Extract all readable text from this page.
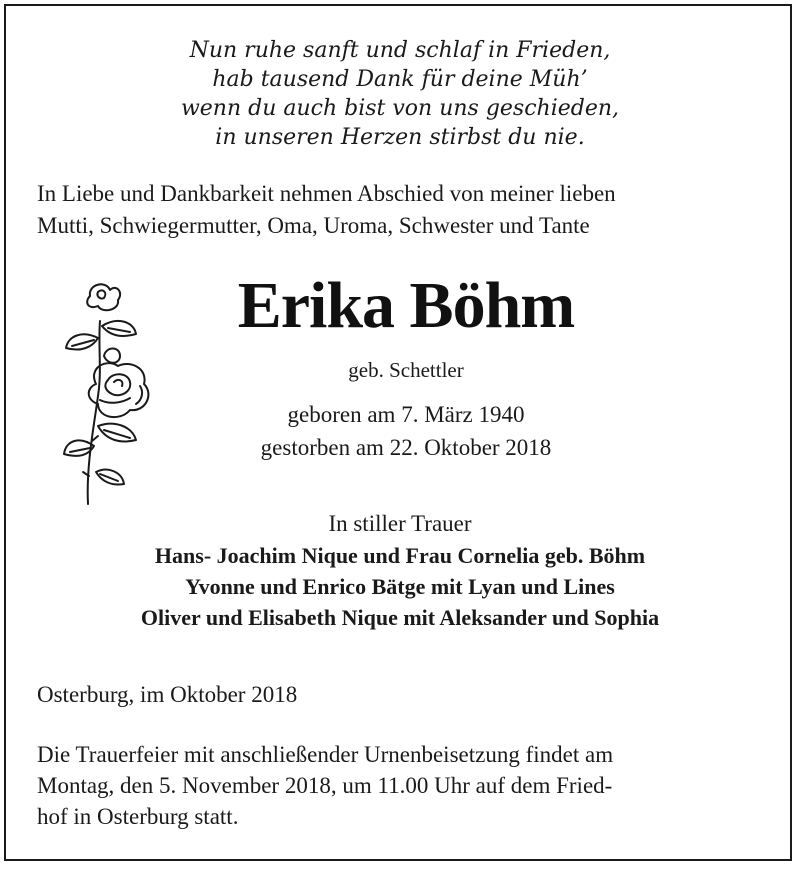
Nun ruhe sanft und schlaf in Frieden,
hab tausend Dank für deine Müh’
wenn du auch bist von uns geschieden,
in unseren Herzen stirbst du nie.
In Liebe und Dankbarkeit nehmen Abschied von meiner lieben
Mutti, Schwiegermutter, Oma, Uroma, Schwester und Tante
Erika Böhm
geb. Schettler
geboren am 7. März 1940
gestorben am 22. Oktober 2018
In stiller Trauer
Hans- Joachim Nique und Frau Cornelia geb. Böhm
Yvonne und Enrico Bätge mit Lyan und Lines
Oliver und Elisabeth Nique mit Aleksander und Sophia
Osterburg, im Oktober 2018
Die Trauerfeier mit anschließender Urnenbeisetzung findet am
Montag, den 5. November 2018, um 11.00 Uhr auf dem Fried-
hof in Osterburg statt.
